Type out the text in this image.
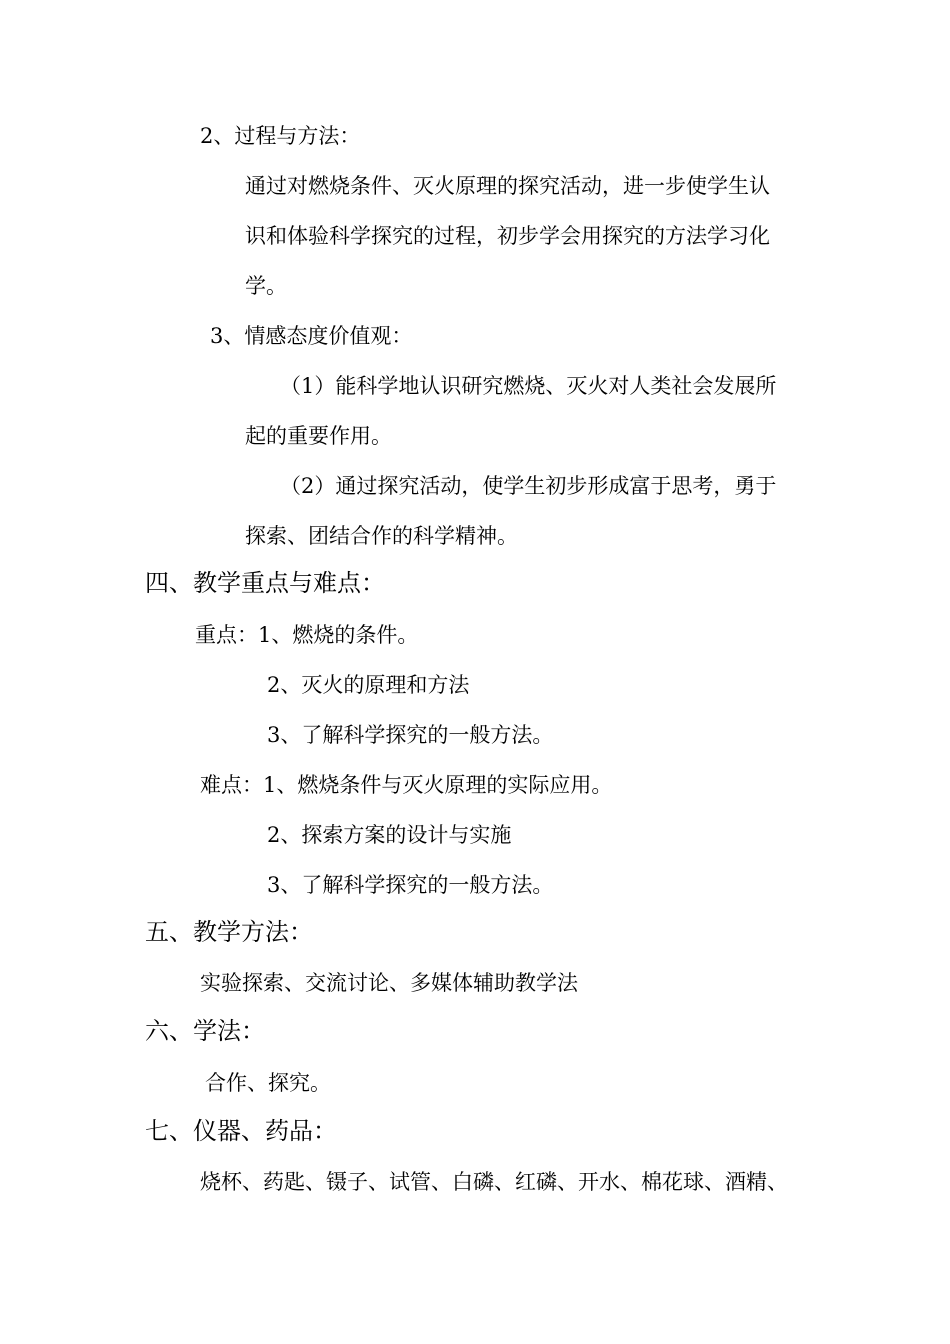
2、过程与方法：
通过对燃烧条件、灭火原理的探究活动，进一步使学生认
识和体验科学探究的过程，初步学会用探究的方法学习化
学。
3、情感态度价值观：
（1）能科学地认识研究燃烧、灭火对人类社会发展所
起的重要作用。
（2）通过探究活动，使学生初步形成富于思考，勇于
探索、团结合作的科学精神。
四、教学重点与难点：
重点：1、燃烧的条件。
2、灭火的原理和方法
3、了解科学探究的一般方法。
难点：1、燃烧条件与灭火原理的实际应用。
2、探索方案的设计与实施
3、了解科学探究的一般方法。
五、教学方法：
实验探索、交流讨论、多媒体辅助教学法
六、学法：
合作、探究。
七、仪器、药品：
烧杯、药匙、镊子、试管、白磷、红磷、开水、棉花球、酒精、
